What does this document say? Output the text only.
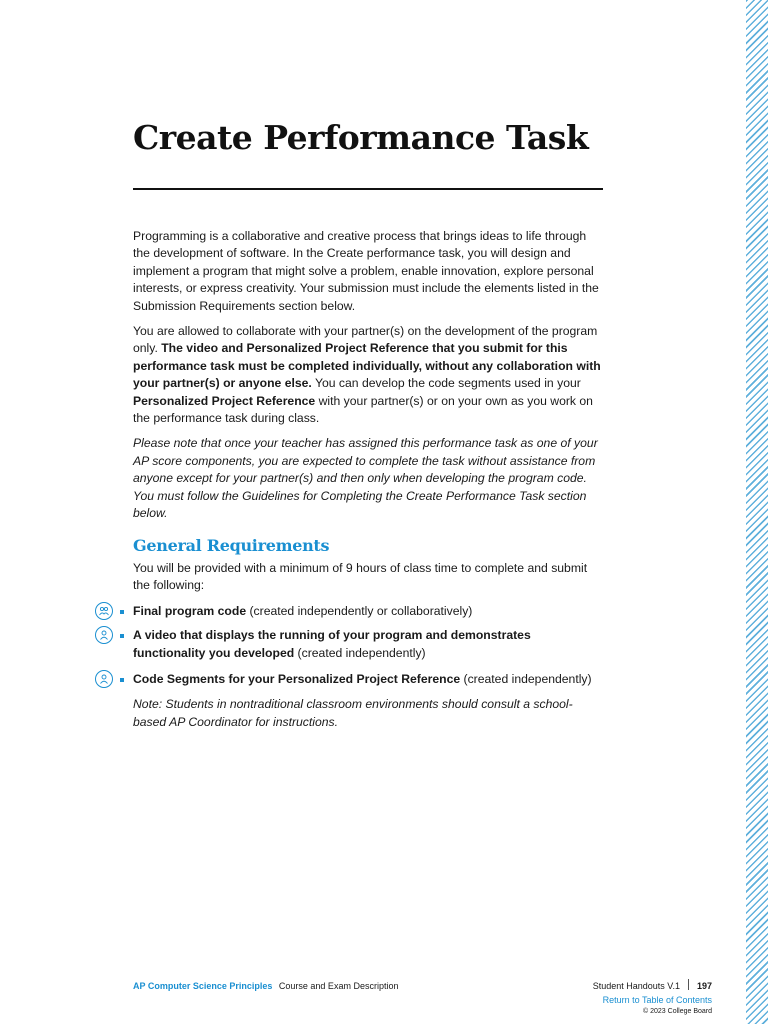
Create Performance Task

Programming is a collaborative and creative process that brings ideas to life through the development of software. In the Create performance task, you will design and implement a program that might solve a problem, enable innovation, explore personal interests, or express creativity. Your submission must include the elements listed in the Submission Requirements section below.

You are allowed to collaborate with your partner(s) on the development of the program only. The video and Personalized Project Reference that you submit for this performance task must be completed individually, without any collaboration with your partner(s) or anyone else. You can develop the code segments used in your Personalized Project Reference with your partner(s) or on your own as you work on the performance task during class.

Please note that once your teacher has assigned this performance task as one of your AP score components, you are expected to complete the task without assistance from anyone except for your partner(s) and then only when developing the program code. You must follow the Guidelines for Completing the Create Performance Task section below.

General Requirements

You will be provided with a minimum of 9 hours of class time to complete and submit the following:

Final program code (created independently or collaboratively)
A video that displays the running of your program and demonstrates functionality you developed (created independently)
Code Segments for your Personalized Project Reference (created independently)

Note: Students in nontraditional classroom environments should consult a school-based AP Coordinator for instructions.

AP Computer Science Principles Course and Exam Description	Student Handouts V.1 197
Return to Table of Contents
© 2023 College Board
